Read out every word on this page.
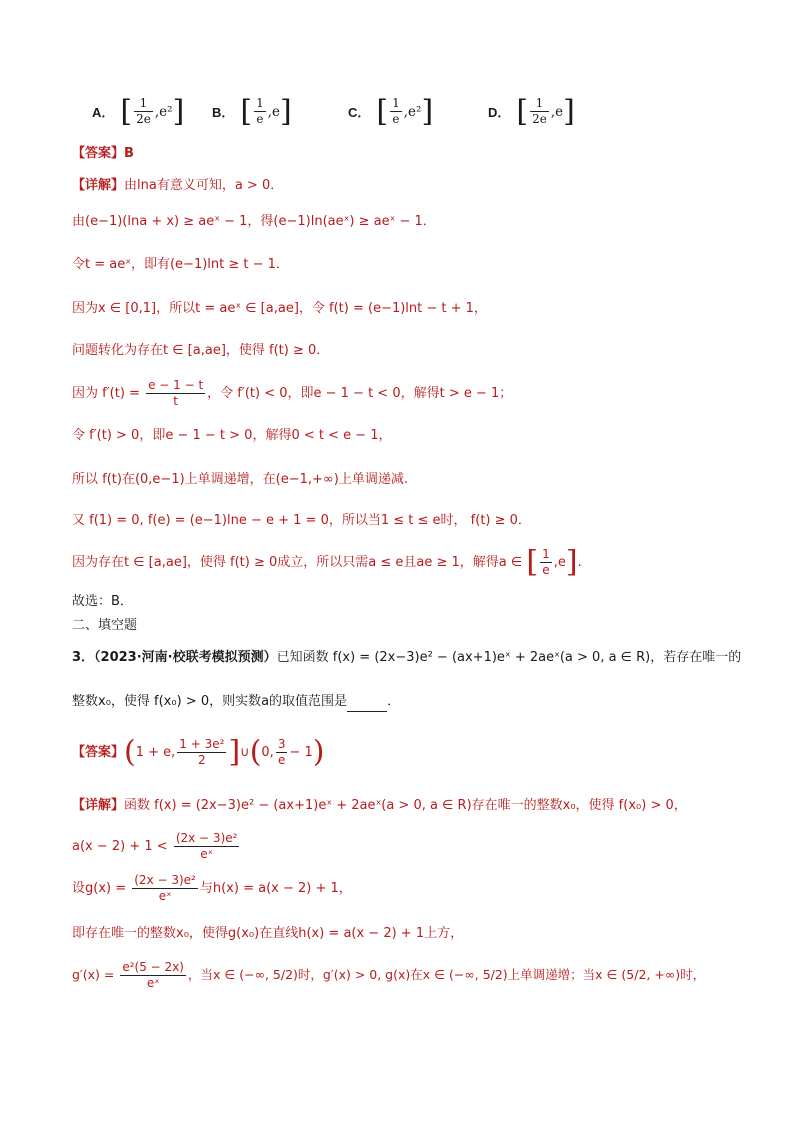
A． [ $\frac{1}{2e} ,e^2$ ] B． [ $\frac{1}{e} ,e$ ]	C． [ $\frac{1}{e} ,e^2$ ]	D． [ $\frac{1}{2e} ,e$ ]
【答案】B
【详解】由lna有意义可知，a > 0．
由(e−1)(lna + x) ≥ aeˣ − 1，得(e−1)ln(aeˣ) ≥ aeˣ − 1．
令t = aeˣ，即有(e−1)lnt ≥ t − 1．
因为x ∈ [0,1]，所以t = aeˣ ∈ [a,ae]，令 f(t) = (e−1)lnt − t + 1，
问题转化为存在t ∈ [a,ae]，使得 f(t) ≥ 0．
因为 $f'(t) = \frac{e - 1 - t}{t}$ ，令 f′(t) < 0，即e − 1 − t < 0，解得t > e − 1；
令 f′(t) > 0，即e − 1 − t > 0，解得0 < t < e − 1，
所以 f(t)在(0,e−1)上单调递增，在(e−1,+∞)上单调递减.
又 f(1) = 0, f(e) = (e−1)lne − e + 1 = 0，所以当1 ≤ t ≤ e时， f(t) ≥ 0．
因为存在t ∈ [a,ae]，使得 f(t) ≥ 0成立，所以只需a ≤ e且ae ≥ 1，解得a ∈ [ $\frac{1}{e} ,e$].
故选：B．
二、填空题
3．（2023·河南·校联考模拟预测）已知函数 f(x) = (2x−3)e² − (ax+1)eˣ + 2aeˣ(a > 0, a ∈ R)，若存在唯一的
整数x₀，使得 f(x₀) > 0，则实数a的取值范围是	．
【答案】(1 + e, $\frac{\text{1 + 3e²}}{2}$ ]∪(0, $\frac{3}{e} - 1$)
【详解】函数 f(x) = (2x−3)e² − (ax+1)eˣ + 2aeˣ(a > 0, a ∈ R)存在唯一的整数x₀，使得 f(x₀) > 0，
$a(x - 2) + 1 < \frac{\text{(2x − 3)e²}}{\text{eˣ}}$
设$g(x) = \frac{\text{(2x − 3)e²}}{\text{eˣ}}$ 与h(x) = a(x − 2) + 1，
即存在唯一的整数x₀，使得g(x₀)在直线h(x) = a(x − 2) + 1上方，
$g'(x) = \frac{\text{e²(5 − 2x)}}{\text{eˣ}}$ ，当x ∈ (−∞, 5/2)时，g′(x) > 0, g(x)在x ∈ (−∞, 5/2)上单调递增；当x ∈ (5/2, +∞)时，
